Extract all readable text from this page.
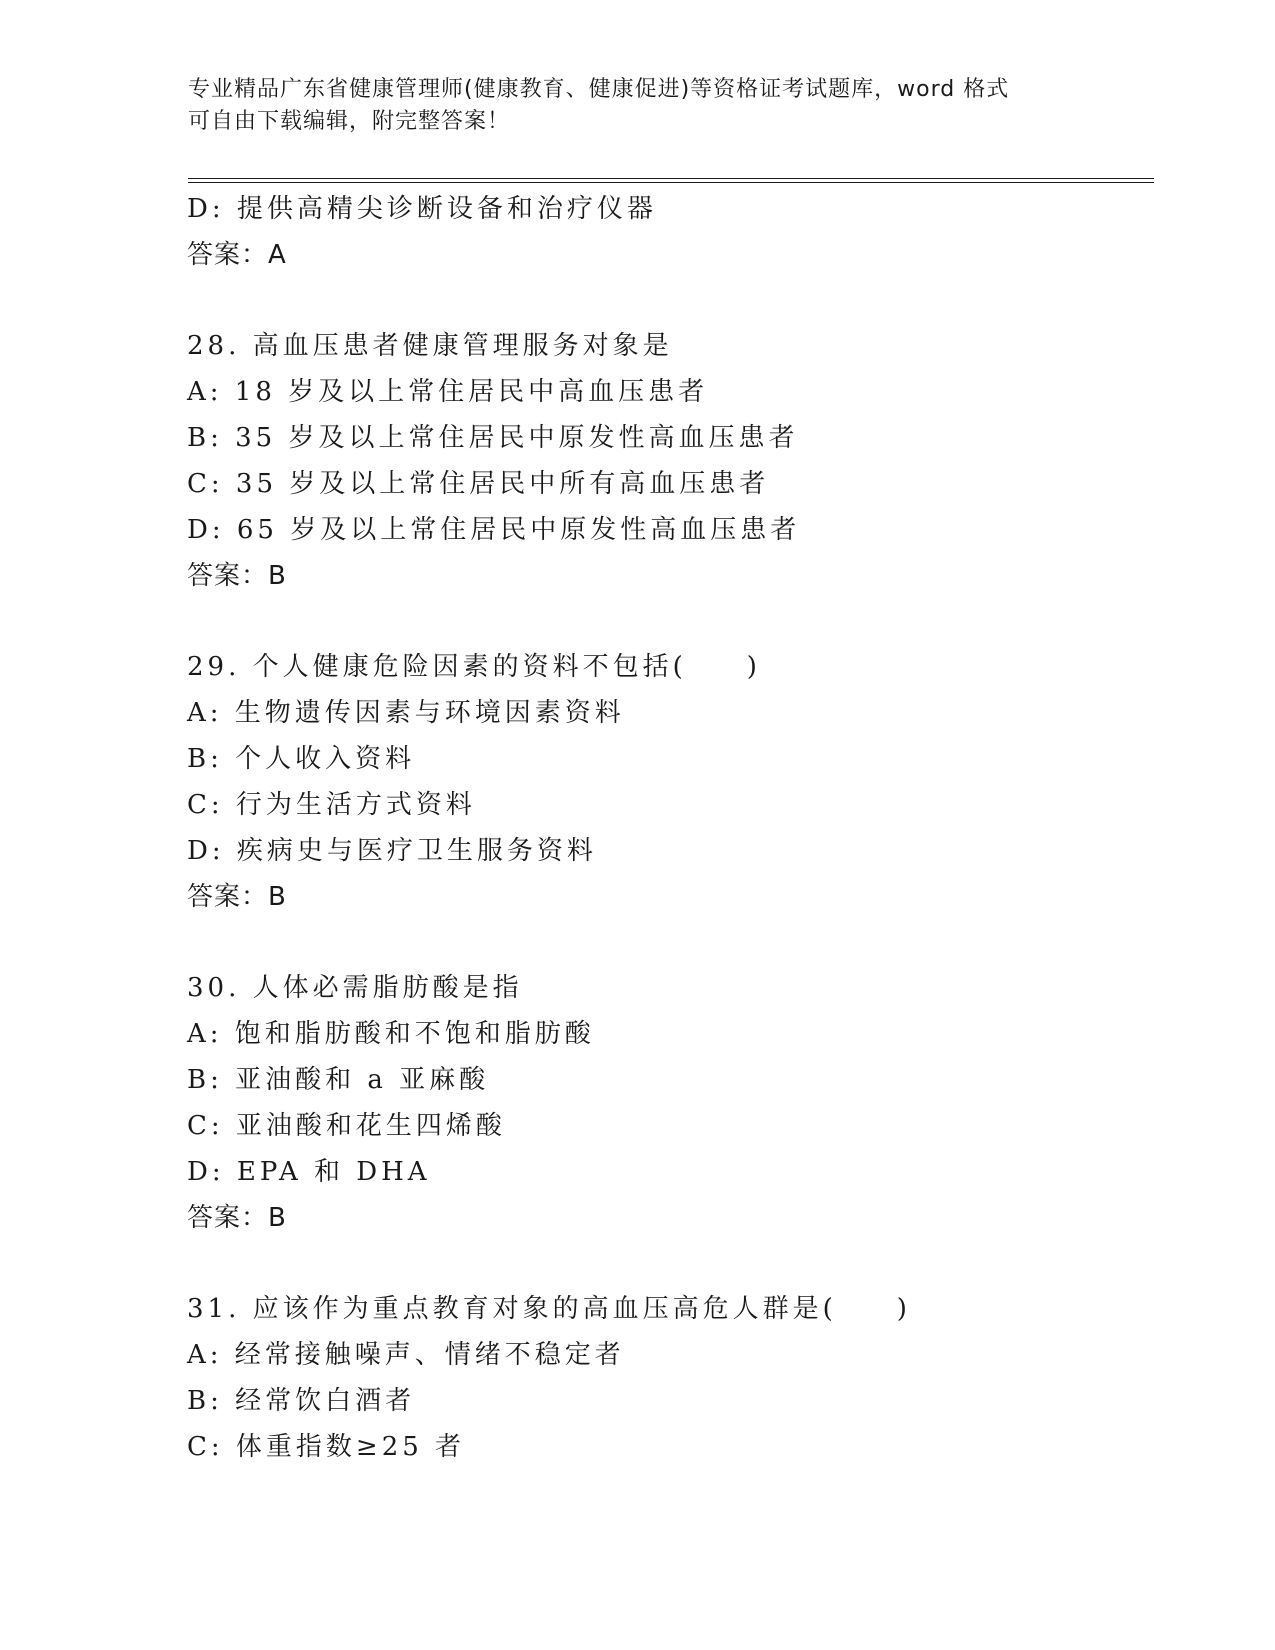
专业精品广东省健康管理师(健康教育、健康促进)等资格证考试题库，word 格式
可自由下载编辑，附完整答案！
D: 提供高精尖诊断设备和治疗仪器
答案：A
28. 高血压患者健康管理服务对象是
A: 18 岁及以上常住居民中高血压患者
B: 35 岁及以上常住居民中原发性高血压患者
C: 35 岁及以上常住居民中所有高血压患者
D: 65 岁及以上常住居民中原发性高血压患者
答案：B
29. 个人健康危险因素的资料不包括(　　)
A: 生物遗传因素与环境因素资料
B: 个人收入资料
C: 行为生活方式资料
D: 疾病史与医疗卫生服务资料
答案：B
30. 人体必需脂肪酸是指
A: 饱和脂肪酸和不饱和脂肪酸
B: 亚油酸和 a 亚麻酸
C: 亚油酸和花生四烯酸
D: EPA 和 DHA
答案：B
31. 应该作为重点教育对象的高血压高危人群是(　　)
A: 经常接触噪声、情绪不稳定者
B: 经常饮白酒者
C: 体重指数≥25 者
